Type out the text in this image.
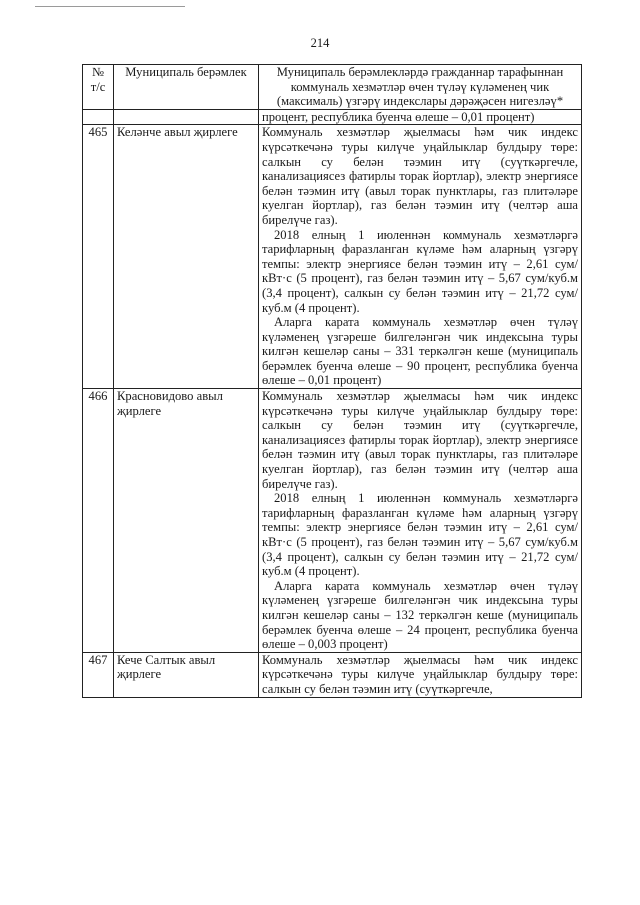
214
№ т/с	Муниципаль берәмлек	Муниципаль берәмлекләрдә гражданнар тарафыннан коммуналь хезмәтләр өчен түләү күләменең чик (максималь) үзгәрү индекслары дәрәҗәсен нигезләү*

		процент, республика буенча өлеше – 0,01 процент)

465	Келәнче авыл җирлеге	Коммуналь хезмәтләр җыелмасы һәм чик индекс күрсәткечәнә туры килүче уңайлыклар булдыру төре: салкын су белән тәэмин итү (суүткәргечле, канализациясез фатирлы торак йортлар), электр энергиясе белән тәэмин итү (авыл торак пунктлары, газ плитәләре куелган йортлар), газ белән тәэмин итү (челтәр аша бирелүче газ).

2018 елның 1 июленнән коммуналь хезмәтләргә тарифларның фаразланган күләме һәм аларның үзгәрү темпы: электр энергиясе белән тәэмин итү – 2,61 сум/кВт·с (5 процент), газ белән тәэмин итү – 5,67 сум/куб.м (3,4 процент), салкын су белән тәэмин итү – 21,72 сум/куб.м (4 процент).

Аларга карата коммуналь хезмәтләр өчен түләү күләменең үзгәреше билгеләнгән чик индексына туры килгән кешеләр саны – 331 теркәлгән кеше (муниципаль берәмлек буенча өлеше – 90 процент, республика буенча өлеше – 0,01 процент)

466	Красновидово авыл җирлеге	Коммуналь хезмәтләр җыелмасы һәм чик индекс күрсәткечәнә туры килүче уңайлыклар булдыру төре: салкын су белән тәэмин итү (суүткәргечле, канализациясез фатирлы торак йортлар), электр энергиясе белән тәэмин итү (авыл торак пунктлары, газ плитәләре куелган йортлар), газ белән тәэмин итү (челтәр аша бирелүче газ).

2018 елның 1 июленнән коммуналь хезмәтләргә тарифларның фаразланган күләме һәм аларның үзгәрү темпы: электр энергиясе белән тәэмин итү – 2,61 сум/кВт·с (5 процент), газ белән тәэмин итү – 5,67 сум/куб.м (3,4 процент), салкын су белән тәэмин итү – 21,72 сум/куб.м (4 процент).

Аларга карата коммуналь хезмәтләр өчен түләү күләменең үзгәреше билгеләнгән чик индексына туры килгән кешеләр саны – 132 теркәлгән кеше (муниципаль берәмлек буенча өлеше – 24 процент, республика буенча өлеше – 0,003 процент)

467	Кече Салтык авыл җирлеге	Коммуналь хезмәтләр җыелмасы һәм чик индекс күрсәткечәнә туры килүче уңайлыклар булдыру төре: салкын су белән тәэмин итү (суүткәргечле,
